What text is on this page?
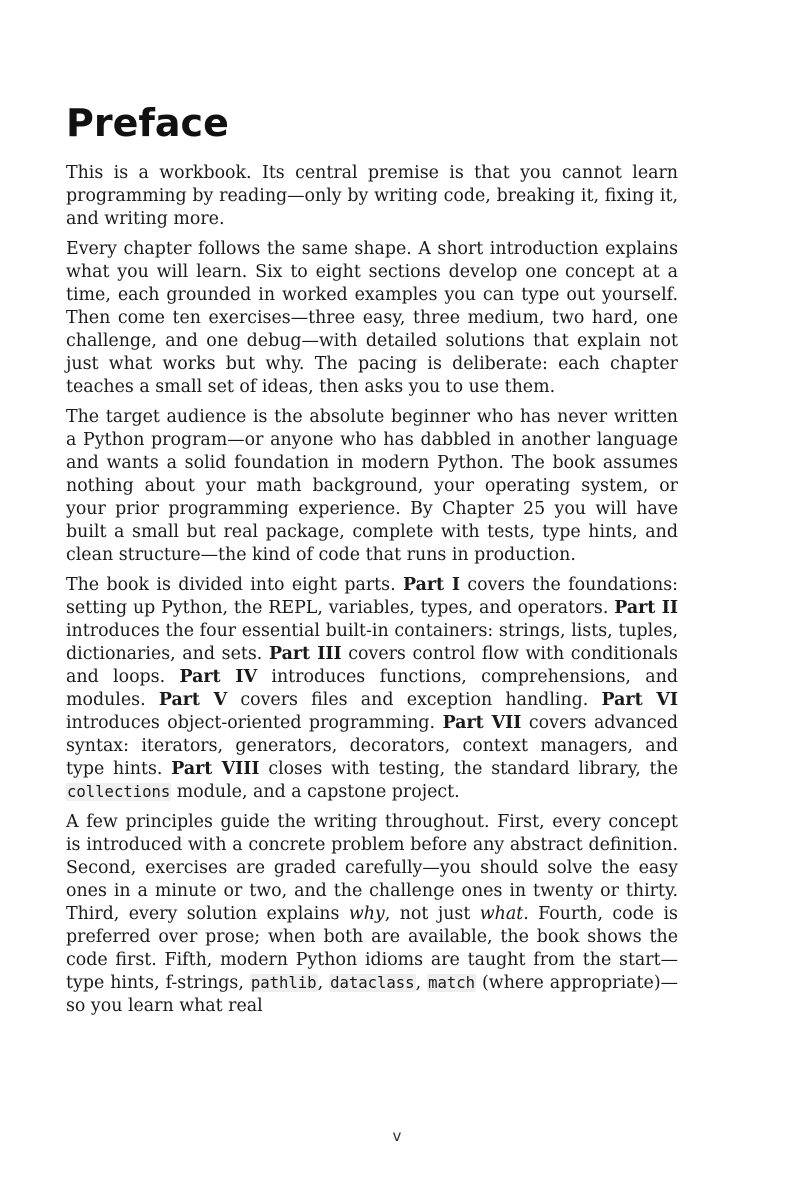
Preface

This is a workbook. Its central premise is that you cannot learn programming by reading—only by writing code, breaking it, fixing it, and writing more.

Every chapter follows the same shape. A short introduction explains what you will learn. Six to eight sections develop one concept at a time, each grounded in worked examples you can type out yourself. Then come ten exercises—three easy, three medium, two hard, one challenge, and one debug—with detailed solutions that explain not just what works but why. The pacing is deliberate: each chapter teaches a small set of ideas, then asks you to use them.

The target audience is the absolute beginner who has never written a Python program—or anyone who has dabbled in another language and wants a solid foundation in modern Python. The book assumes nothing about your math background, your operating system, or your prior programming experience. By Chapter 25 you will have built a small but real package, complete with tests, type hints, and clean structure—the kind of code that runs in production.

The book is divided into eight parts. Part I covers the foundations: setting up Python, the REPL, variables, types, and operators. Part II introduces the four essential built-in containers: strings, lists, tuples, dictionaries, and sets. Part III covers control flow with conditionals and loops. Part IV introduces functions, comprehensions, and modules. Part V covers files and exception handling. Part VI introduces object-oriented programming. Part VII covers advanced syntax: iterators, generators, decorators, context managers, and type hints. Part VIII closes with testing, the standard library, the collections module, and a capstone project.

A few principles guide the writing throughout. First, every concept is introduced with a concrete problem before any abstract definition. Second, exercises are graded carefully—you should solve the easy ones in a minute or two, and the challenge ones in twenty or thirty. Third, every solution explains why, not just what. Fourth, code is preferred over prose; when both are available, the book shows the code first. Fifth, modern Python idioms are taught from the start—type hints, f-strings, pathlib, dataclass, match (where appropriate)—so you learn what real

v
